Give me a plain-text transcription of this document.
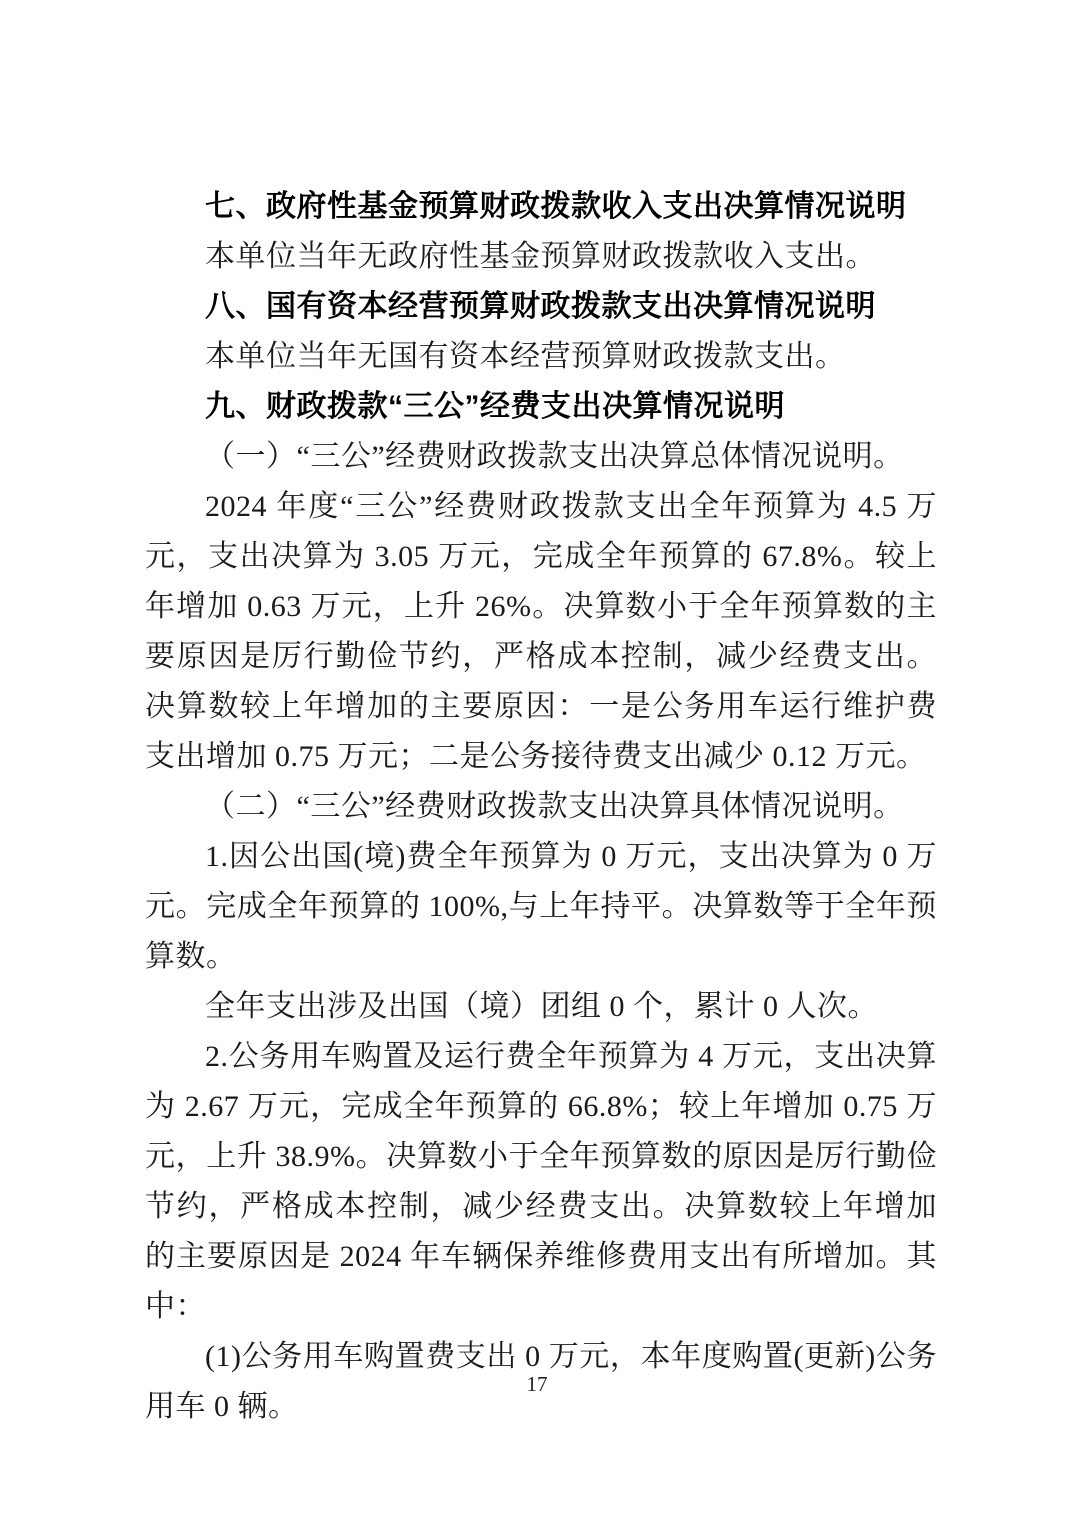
七、政府性基金预算财政拨款收入支出决算情况说明
本单位当年无政府性基金预算财政拨款收入支出。
八、国有资本经营预算财政拨款支出决算情况说明
本单位当年无国有资本经营预算财政拨款支出。
九、财政拨款“三公”经费支出决算情况说明
（一）“三公”经费财政拨款支出决算总体情况说明。
2024 年度“三公”经费财政拨款支出全年预算为 4.5 万元，支出决算为 3.05 万元，完成全年预算的 67.8%。较上年增加 0.63 万元，上升 26%。决算数小于全年预算数的主要原因是厉行勤俭节约，严格成本控制，减少经费支出。决算数较上年增加的主要原因：一是公务用车运行维护费支出增加 0.75 万元；二是公务接待费支出减少 0.12 万元。
（二）“三公”经费财政拨款支出决算具体情况说明。
1.因公出国(境)费全年预算为 0 万元，支出决算为 0 万元。完成全年预算的 100%,与上年持平。决算数等于全年预算数。
全年支出涉及出国（境）团组 0 个，累计 0 人次。
2.公务用车购置及运行费全年预算为 4 万元，支出决算为 2.67 万元，完成全年预算的 66.8%；较上年增加 0.75 万元，上升 38.9%。决算数小于全年预算数的原因是厉行勤俭节约，严格成本控制，减少经费支出。决算数较上年增加的主要原因是 2024 年车辆保养维修费用支出有所增加。其中：
(1)公务用车购置费支出 0 万元，本年度购置(更新)公务用车 0 辆。
17
